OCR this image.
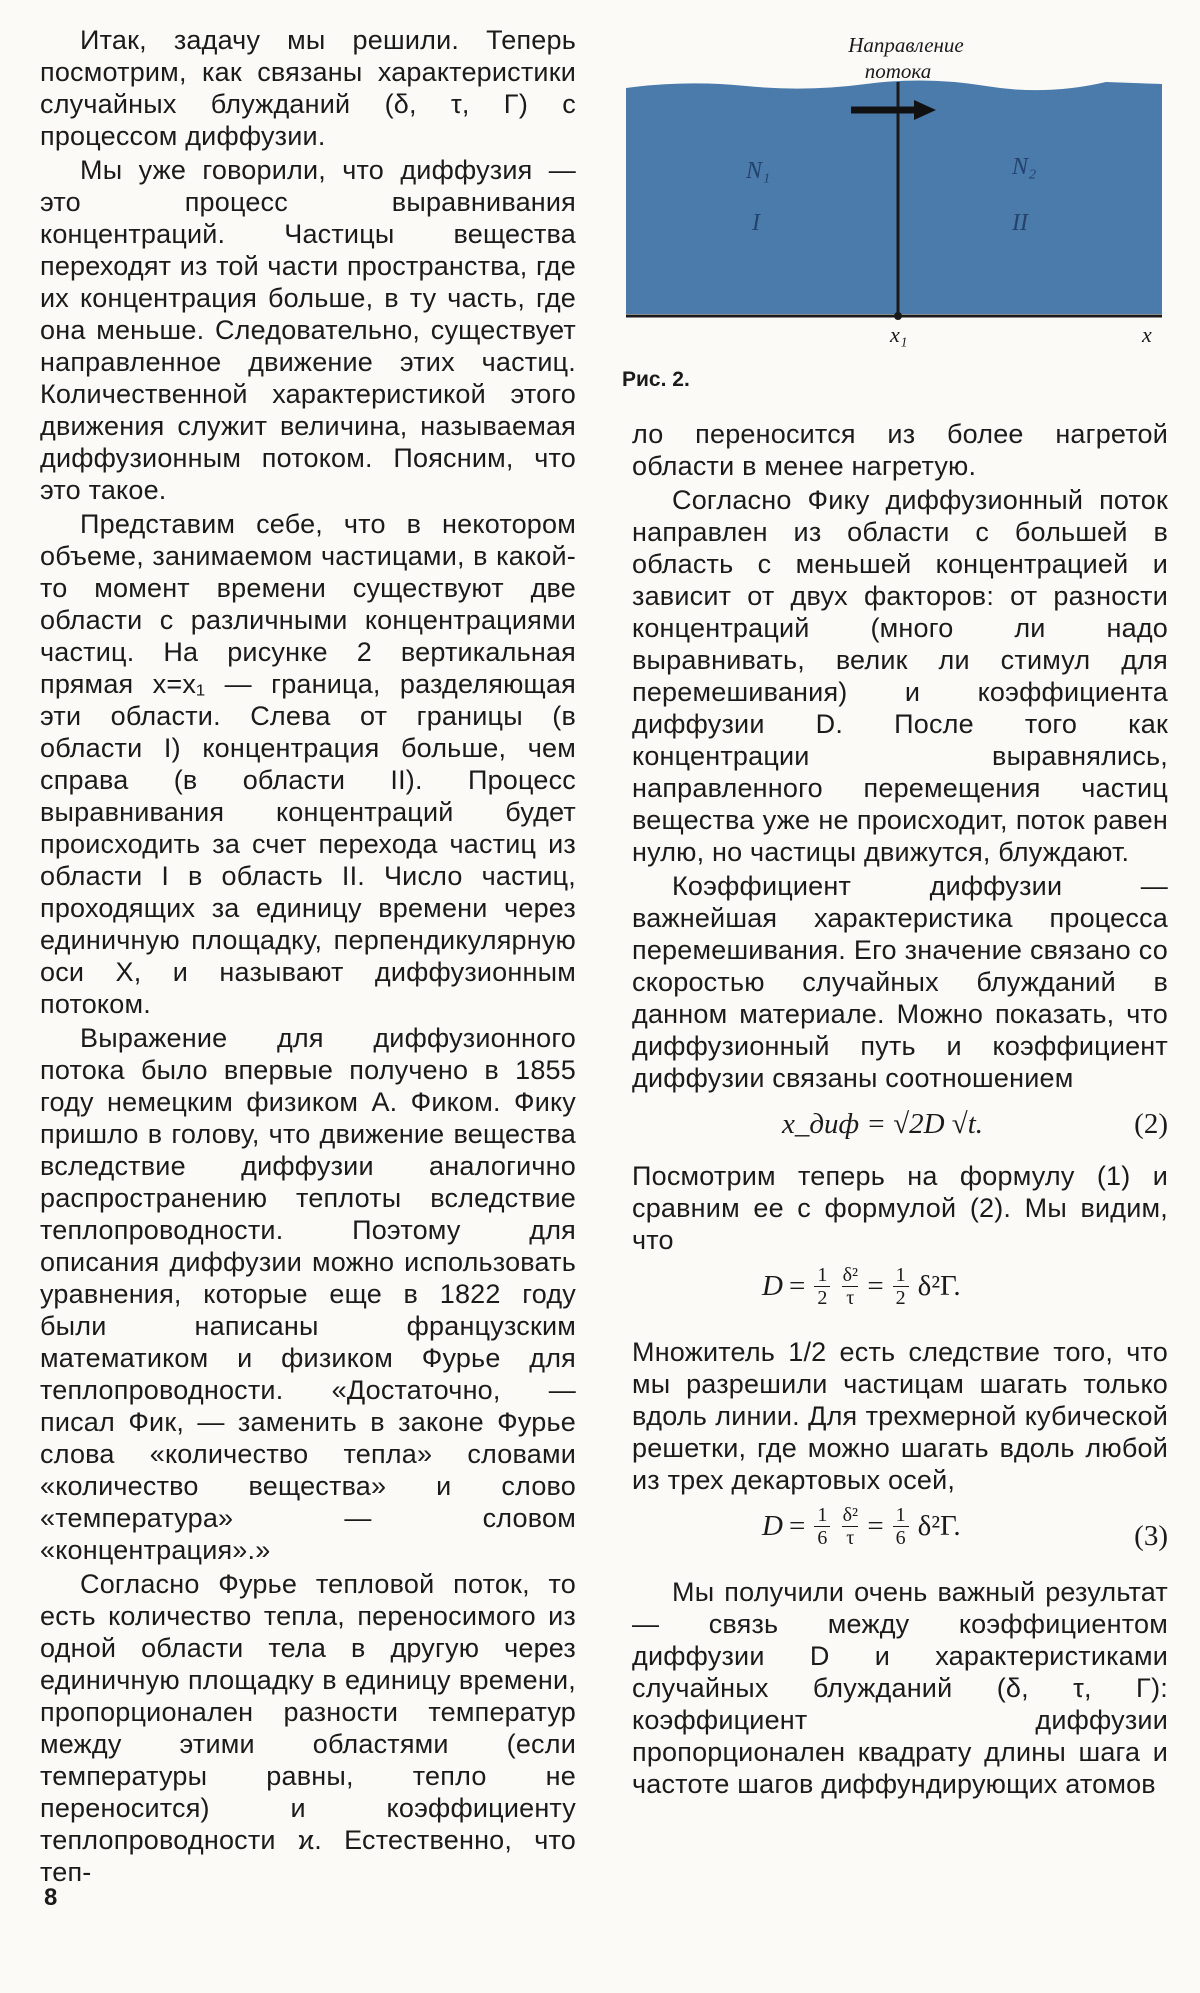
Итак, задачу мы решили. Теперь посмотрим, как связаны характеристики случайных блужданий (δ, τ, Γ) с процессом диффузии.

Мы уже говорили, что диффузия — это процесс выравнивания концентраций. Частицы вещества переходят из той части пространства, где их концентрация больше, в ту часть, где она меньше. Следовательно, существует направленное движение этих частиц. Количественной характеристикой этого движения служит величина, называемая диффузионным потоком. Поясним, что это такое.

Представим себе, что в некотором объеме, занимаемом частицами, в какой-то момент времени существуют две области с различными концентрациями частиц. На рисунке 2 вертикальная прямая x=x₁ — граница, разделяющая эти области. Слева от границы (в области I) концентрация больше, чем справа (в области II). Процесс выравнивания концентраций будет происходить за счет перехода частиц из области I в область II. Число частиц, проходящих за единицу времени через единичную площадку, перпендикулярную оси X, и называют диффузионным потоком.

Выражение для диффузионного потока было впервые получено в 1855 году немецким физиком А. Фиком. Фику пришло в голову, что движение вещества вследствие диффузии аналогично распространению теплоты вследствие теплопроводности. Поэтому для описания диффузии можно использовать уравнения, которые еще в 1822 году были написаны французским математиком и физиком Фурье для теплопроводности. «Достаточно, — писал Фик, — заменить в законе Фурье слова «количество тепла» словами «количество вещества» и слово «температура» — словом «концентрация».»

Согласно Фурье тепловой поток, то есть количество тепла, переносимого из одной области тела в другую через единичную площадку в единицу времени, пропорционален разности температур между этими областями (если температуры равны, тепло не переносится) и коэффициенту теплопроводности ϰ. Естественно, что теп-

Направление
потока
N₁	N₂
I	II
x₁	x
Рис. 2.

ло переносится из более нагретой области в менее нагретую.

Согласно Фику диффузионный поток направлен из области с большей в область с меньшей концентрацией и зависит от двух факторов: от разности концентраций (много ли надо выравнивать, велик ли стимул для перемешивания) и коэффициента диффузии D. После того как концентрации выравнялись, направленного перемещения частиц вещества уже не происходит, поток равен нулю, но частицы движутся, блуждают.

Коэффициент диффузии — важнейшая характеристика процесса перемешивания. Его значение связано со скоростью случайных блужданий в данном материале. Можно показать, что диффузионный путь и коэффициент диффузии связаны соотношением

x_диф = √2D √t.	(2)

Посмотрим теперь на формулу (1) и сравним ее с формулой (2). Мы видим, что

$D = \frac{1}{2} \frac{\text{δ²}}{\tau} = \frac{1}{2} \delta^2\Gamma$.

Множитель 1/2 есть следствие того, что мы разрешили частицам шагать только вдоль линии. Для трехмерной кубической решетки, где можно шагать вдоль любой из трех декартовых осей,

$D = \frac{1}{6} \frac{\text{δ²}}{\tau} = \frac{1}{6} \delta^2\Gamma$.	(3)

Мы получили очень важный результат — связь между коэффициентом диффузии D и характеристиками случайных блужданий (δ, τ, Γ): коэффициент диффузии пропорционален квадрату длины шага и частоте шагов диффундирующих атомов

8
